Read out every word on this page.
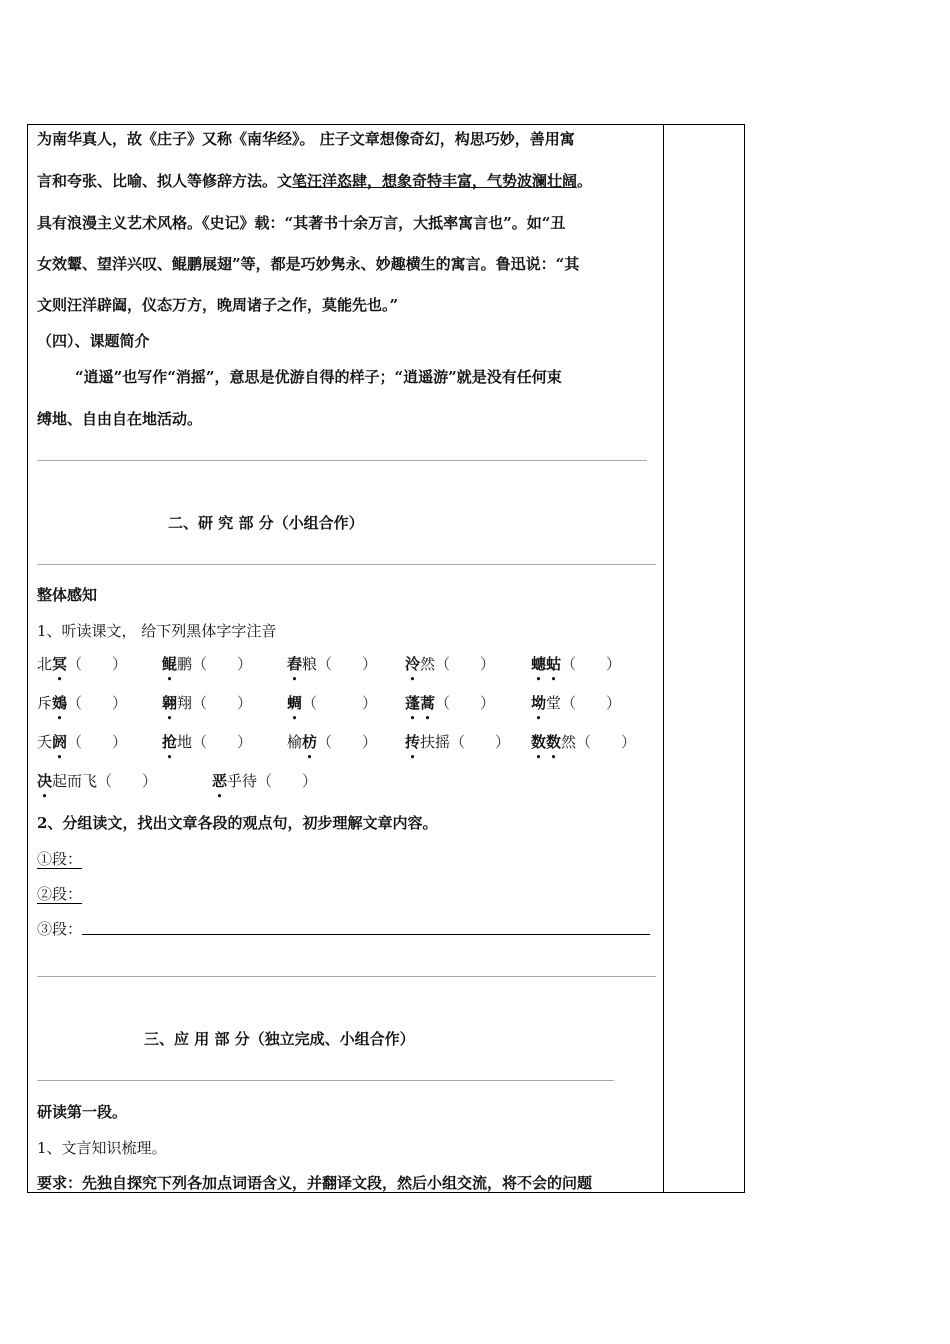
为南华真人，故《庄子》又称《南华经》。 庄子文章想像奇幻，构思巧妙，善用寓
言和夸张、比喻、拟人等修辞方法。文笔汪洋恣肆，想象奇特丰富，气势波澜壮阔。
具有浪漫主义艺术风格。《史记》载：“其著书十余万言，大抵率寓言也”。如“丑
女效颦、望洋兴叹、鲲鹏展翅”等，都是巧妙隽永、妙趣横生的寓言。鲁迅说：“其
文则汪洋辟阖，仪态万方，晚周诸子之作，莫能先也。”
（四）、课题简介
“逍遥”也写作“消摇”，意思是优游自得的样子；“逍遥游”就是没有任何束
缚地、自由自在地活动。
二、研 究 部 分（小组合作）
整体感知
1、听读课文， 给下列黑体字字注音
北冥（　　） 鲲鹏（　　） 舂粮（　　） 泠然（　　） 蟪蛄（　　）
斥鴳（　　） 翱翔（　　） 蜩（　　　） 蓬蒿（　　） 坳堂（　　）
夭阏（　　） 抢地（　　） 榆枋（　　） 抟扶摇（　　） 数数然（　　）
决起而飞（　　）	恶乎待（　　）
2、分组读文，找出文章各段的观点句，初步理解文章内容。
①段：
②段：
③段：
三、应 用 部 分（独立完成、小组合作）
研读第一段。
1、文言知识梳理。
要求：先独自探究下列各加点词语含义，并翻译文段，然后小组交流，将不会的问题
